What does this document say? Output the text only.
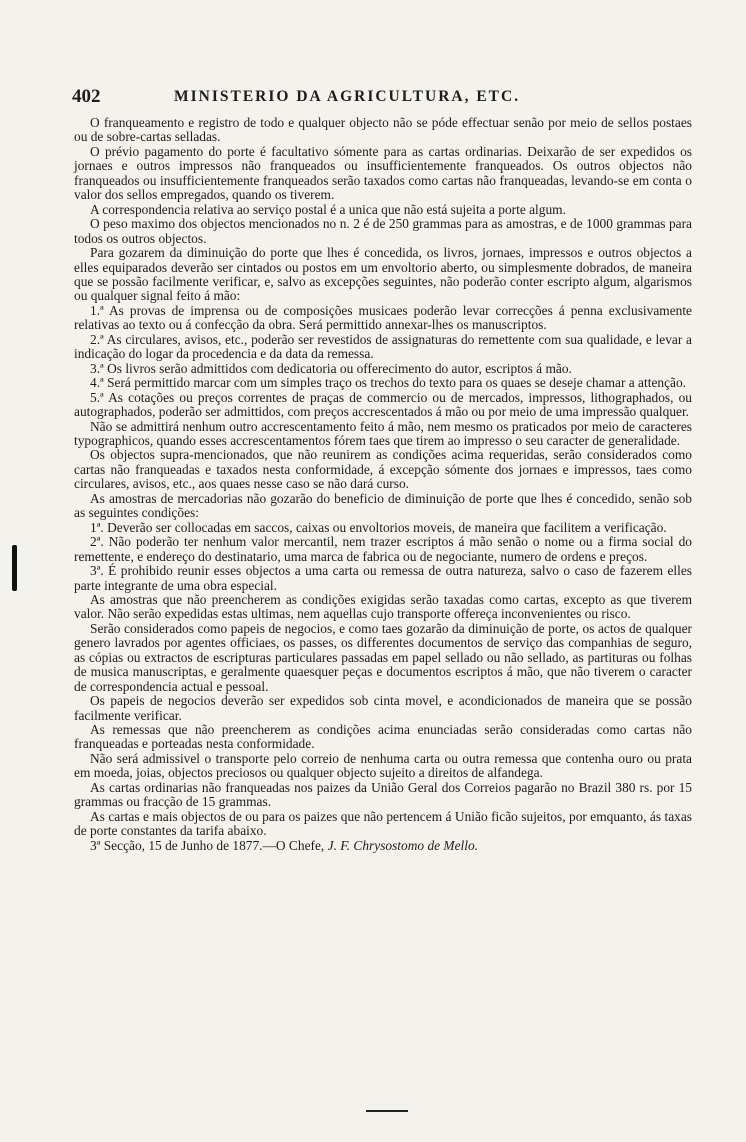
402	MINISTERIO DA AGRICULTURA, ETC.

O franqueamento e registro de todo e qualquer objecto não se póde effectuar senão por meio de sellos postaes ou de sobre-cartas selladas.

O prévio pagamento do porte é facultativo sómente para as cartas ordinarias. Deixarão de ser expedidos os jornaes e outros impressos não franqueados ou insufficientemente franqueados. Os outros objectos não franqueados ou insufficientemente franqueados serão taxados como cartas não franqueadas, levando-se em conta o valor dos sellos empregados, quando os tiverem.

A correspondencia relativa ao serviço postal é a unica que não está sujeita a porte algum.

O peso maximo dos objectos mencionados no n. 2 é de 250 grammas para as amostras, e de 1000 grammas para todos os outros objectos.

Para gozarem da diminuição do porte que lhes é concedida, os livros, jornaes, impressos e outros objectos a elles equiparados deverão ser cintados ou postos em um envoltorio aberto, ou simplesmente dobrados, de maneira que se possão facilmente verificar, e, salvo as excepções seguintes, não poderão conter escripto algum, algarismos ou qualquer signal feito á mão:

1.ª As provas de imprensa ou de composições musicaes poderão levar correcções á penna exclusivamente relativas ao texto ou á confecção da obra. Será permittido annexar-lhes os manuscriptos.

2.ª As circulares, avisos, etc., poderão ser revestidos de assignaturas do remettente com sua qualidade, e levar a indicação do logar da procedencia e da data da remessa.

3.ª Os livros serão admittidos com dedicatoria ou offerecimento do autor, escriptos á mão.

4.ª Será permittido marcar com um simples traço os trechos do texto para os quaes se deseje chamar a attenção.

5.ª As cotações ou preços correntes de praças de commercio ou de mercados, impressos, lithographados, ou autographados, poderão ser admittidos, com preços accrescentados á mão ou por meio de uma impressão qualquer.

Não se admittirá nenhum outro accrescentamento feito á mão, nem mesmo os praticados por meio de caracteres typographicos, quando esses accrescentamentos fórem taes que tirem ao impresso o seu caracter de generalidade.

Os objectos supra-mencionados, que não reunirem as condições acima requeridas, serão considerados como cartas não franqueadas e taxados nesta conformidade, á excepção sómente dos jornaes e impressos, taes como circulares, avisos, etc., aos quaes nesse caso se não dará curso.

As amostras de mercadorias não gozarão do beneficio de diminuição de porte que lhes é concedido, senão sob as seguintes condições:

1ª. Deverão ser collocadas em saccos, caixas ou envoltorios moveis, de maneira que facilitem a verificação.

2ª. Não poderão ter nenhum valor mercantil, nem trazer escriptos á mão senão o nome ou a firma social do remettente, e endereço do destinatario, uma marca de fabrica ou de negociante, numero de ordens e preços.

3ª. É prohibido reunir esses objectos a uma carta ou remessa de outra natureza, salvo o caso de fazerem elles parte integrante de uma obra especial.

As amostras que não preencherem as condições exigidas serão taxadas como cartas, excepto as que tiverem valor. Não serão expedidas estas ultimas, nem aquellas cujo transporte offereça inconvenientes ou risco.

Serão considerados como papeis de negocios, e como taes gozarão da diminuição de porte, os actos de qualquer genero lavrados por agentes officiaes, os passes, os differentes documentos de serviço das companhias de seguro, as cópias ou extractos de escripturas particulares passadas em papel sellado ou não sellado, as partituras ou folhas de musica manuscriptas, e geralmente quaesquer peças e documentos escriptos á mão, que não tiverem o caracter de correspondencia actual e pessoal.

Os papeis de negocios deverão ser expedidos sob cinta movel, e acondicionados de maneira que se possão facilmente verificar.

As remessas que não preencherem as condições acima enunciadas serão consideradas como cartas não franqueadas e porteadas nesta conformidade.

Não será admissivel o transporte pelo correio de nenhuma carta ou outra remessa que contenha ouro ou prata em moeda, joias, objectos preciosos ou qualquer objecto sujeito a direitos de alfandega.

As cartas ordinarias não franqueadas nos paizes da União Geral dos Correios pagarão no Brazil 380 rs. por 15 grammas ou fracção de 15 grammas.

As cartas e mais objectos de ou para os paizes que não pertencem á União ficão sujeitos, por emquanto, ás taxas de porte constantes da tarifa abaixo.

3ª Secção, 15 de Junho de 1877.—O Chefe, J. F. Chrysostomo de Mello.
